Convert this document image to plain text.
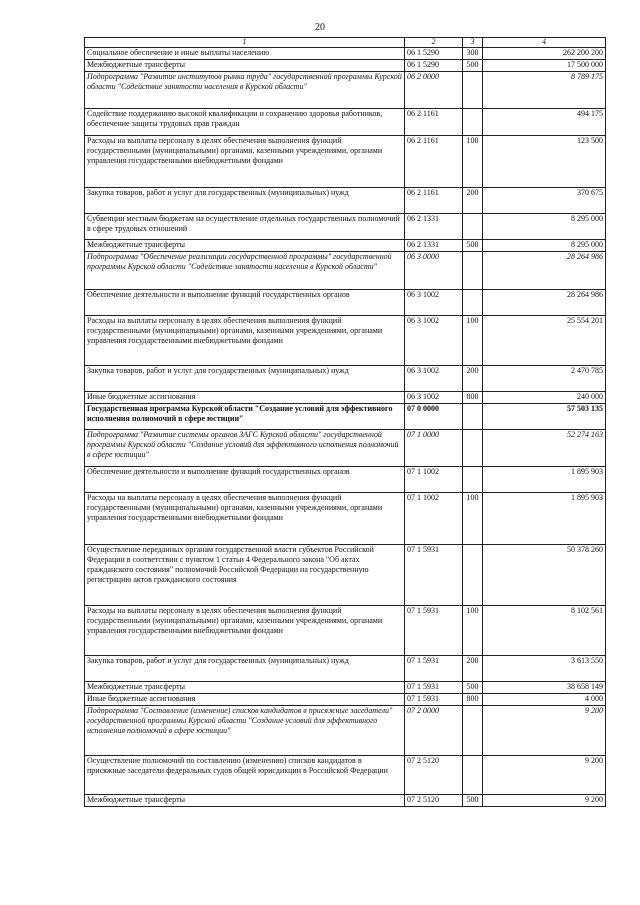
20
1	2	3	4
Социальное обеспечение и иные выплаты населению	06 1 5290	300	262 200 200
Межбюджетные трансферты	06 1 5290	500	17 500 000
Подпрограмма "Развитие институтов рынка труда" государственной программы Курской области "Содействие занятости населения в Курской области"	06 2 0000		8 789 175
Содействие поддержанию высокой квалификации и сохранению здоровья работников, обеспечение защиты трудовых прав граждан	06 2 1161		494 175
Расходы на выплаты персоналу в целях обеспечения выполнения функций государственными (муниципальными) органами, казенными учреждениями, органами управления государственными внебюджетными фондами	06 2 1161	100	123 500
Закупка товаров, работ и услуг для государственных (муниципальных) нужд	06 2 1161	200	370 675
Субвенции местным бюджетам на осуществление отдельных государственных полномочий в сфере трудовых отношений	06 2 1331		8 295 000
Межбюджетные трансферты	06 2 1331	500	8 295 000
Подпрограмма "Обеспечение реализации государственной программы" государственной программы Курской области "Содействие занятости населения в Курской области"	06 3 0000		28 264 986
Обеспечение деятельности и выполнение функций государственных органов	06 3 1002		28 264 986
Расходы на выплаты персоналу в целях обеспечения выполнения функций государственными (муниципальными) органами, казенными учреждениями, органами управления государственными внебюджетными фондами	06 3 1002	100	25 554 201
Закупка товаров, работ и услуг для государственных (муниципальных) нужд	06 3 1002	200	2 470 785
Иные бюджетные ассигнования	06 3 1002	800	240 000
Государственная программа Курской области "Создание условий для эффективного исполнения полномочий в сфере юстиции"	07 0 0000		57 503 135
Подпрограмма "Развитие системы органов ЗАГС Курской области" государственной программы Курской области "Создание условий для эффективного исполнения полномочий в сфере юстиции"	07 1 0000		52 274 163
Обеспечение деятельности и выполнение функций государственных органов	07 1 1002		1 895 903
Расходы на выплаты персоналу в целях обеспечения выполнения функций государственными (муниципальными) органами, казенными учреждениями, органами управления государственными внебюджетными фондами	07 1 1002	100	1 895 903
Осуществление переданных органам государственной власти субъектов Российской Федерации в соответствии с пунктом 1 статьи 4 Федерального закона "Об актах гражданского состояния" полномочий Российской Федерации на государственную регистрацию актов гражданского состояния	07 1 5931		50 378 260
Расходы на выплаты персоналу в целях обеспечения выполнения функций государственными (муниципальными) органами, казенными учреждениями, органами управления государственными внебюджетными фондами	07 1 5931	100	8 102 561
Закупка товаров, работ и услуг для государственных (муниципальных) нужд	07 1 5931	200	3 613 550
Межбюджетные трансферты	07 1 5931	500	38 658 149
Иные бюджетные ассигнования	07 1 5931	800	4 000
Подпрограмма "Составление (изменение) списков кандидатов в присяжные заседатели" государственной программы Курской области "Создание условий для эффективного исполнения полномочий в сфере юстиции"	07 2 0000		9 200
Осуществление полномочий по составлению (изменению) списков кандидатов в присяжные заседатели федеральных судов общей юрисдикции в Российской Федерации	07 2 5120		9 200
Межбюджетные трансферты	07 2 5120	500	9 200
